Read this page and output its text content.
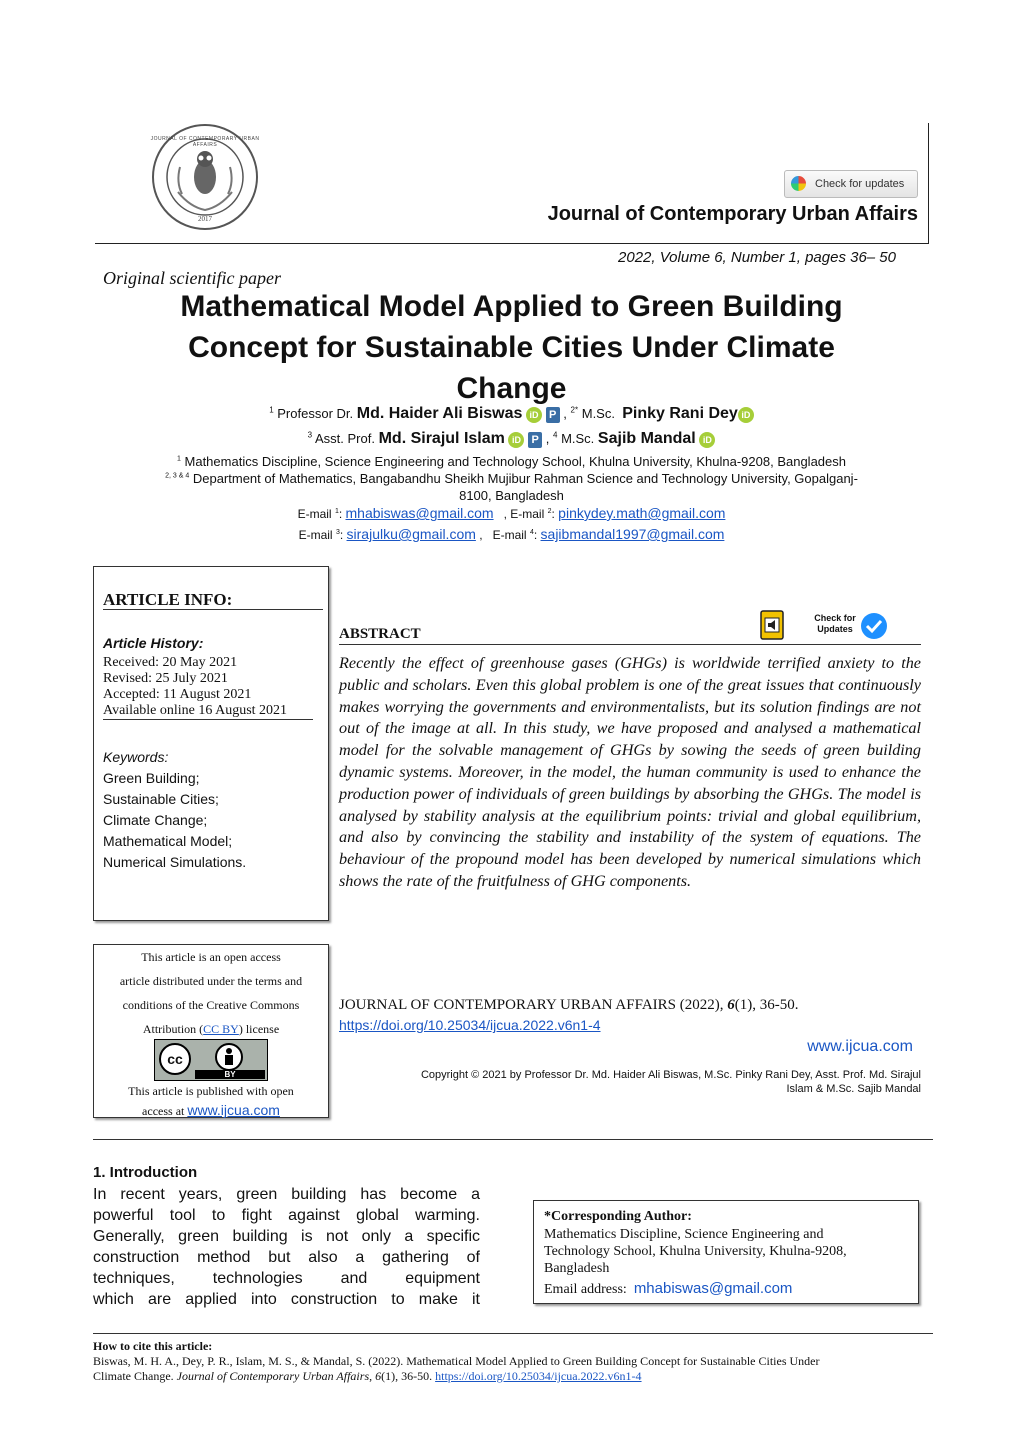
JOURNAL OF CONTEMPORARY URBAN AFFAIRS
2017
Check for updates
Journal of Contemporary Urban Affairs
2022, Volume 6, Number 1, pages 36– 50
Original scientific paper
Mathematical Model Applied to Green Building
Concept for Sustainable Cities Under Climate
Change
$^1$ Professor Dr. Md. Haider Ali Biswas iD P , $^{2*}$ M.Sc. Pinky Rani Dey iD
$^3$ Asst. Prof. Md. Sirajul Islam iD P , $^4$ M.Sc. Sajib Mandal iD
$^1$ Mathematics Discipline, Science Engineering and Technology School, Khulna University, Khulna-9208, Bangladesh
$^{2, 3 \& 4}$ Department of Mathematics, Bangabandhu Sheikh Mujibur Rahman Science and Technology University, Gopalganj-
8100, Bangladesh
E-mail $^1$: mhabiswas@gmail.com , E-mail $^2$: pinkydey.math@gmail.com
E-mail $^3$: sirajulku@gmail.com , E-mail $^4$: sajibmandal1997@gmail.com
ARTICLE INFO:
Article History:
Received: 20 May 2021
Revised: 25 July 2021
Accepted: 11 August 2021
Available online 16 August 2021
Keywords:
Green Building;
Sustainable Cities;
Climate Change;
Mathematical Model;
Numerical Simulations.
ABSTRACT
Check for
Updates
Recently the effect of greenhouse gases (GHGs) is worldwide terrified anxiety to the public and scholars. Even this global problem is one of the great issues that continuously makes worrying the governments and environmentalists, but its solution findings are not out of the image at all. In this study, we have proposed and analysed a mathematical model for the solvable management of GHGs by sowing the seeds of green building dynamic systems. Moreover, in the model, the human community is used to enhance the production power of individuals of green buildings by absorbing the GHGs. The model is analysed by stability analysis at the equilibrium points: trivial and global equilibrium, and also by convincing the stability and instability of the system of equations. The behaviour of the propound model has been developed by numerical simulations which shows the rate of the fruitfulness of GHG components.
This article is an open access
article distributed under the terms and
conditions of the Creative Commons
Attribution (CC BY) license
cc
BY
This article is published with open
access at www.ijcua.com
JOURNAL OF CONTEMPORARY URBAN AFFAIRS (2022), 6(1), 36-50.
https://doi.org/10.25034/ijcua.2022.v6n1-4
www.ijcua.com
Copyright © 2021 by Professor Dr. Md. Haider Ali Biswas, M.Sc. Pinky Rani Dey, Asst. Prof. Md. Sirajul
Islam & M.Sc. Sajib Mandal
1. Introduction
In recent years, green building has become a
powerful tool to fight against global warming.
Generally, green building is not only a specific
construction method but also a gathering of
techniques, technologies and equipment
which are applied into construction to make it
*Corresponding Author:
Mathematics Discipline, Science Engineering and
Technology School, Khulna University, Khulna-9208,
Bangladesh
Email address: mhabiswas@gmail.com
How to cite this article:
Biswas, M. H. A., Dey, P. R., Islam, M. S., & Mandal, S. (2022). Mathematical Model Applied to Green Building Concept for Sustainable Cities Under
Climate Change. Journal of Contemporary Urban Affairs, 6(1), 36-50. https://doi.org/10.25034/ijcua.2022.v6n1-4
